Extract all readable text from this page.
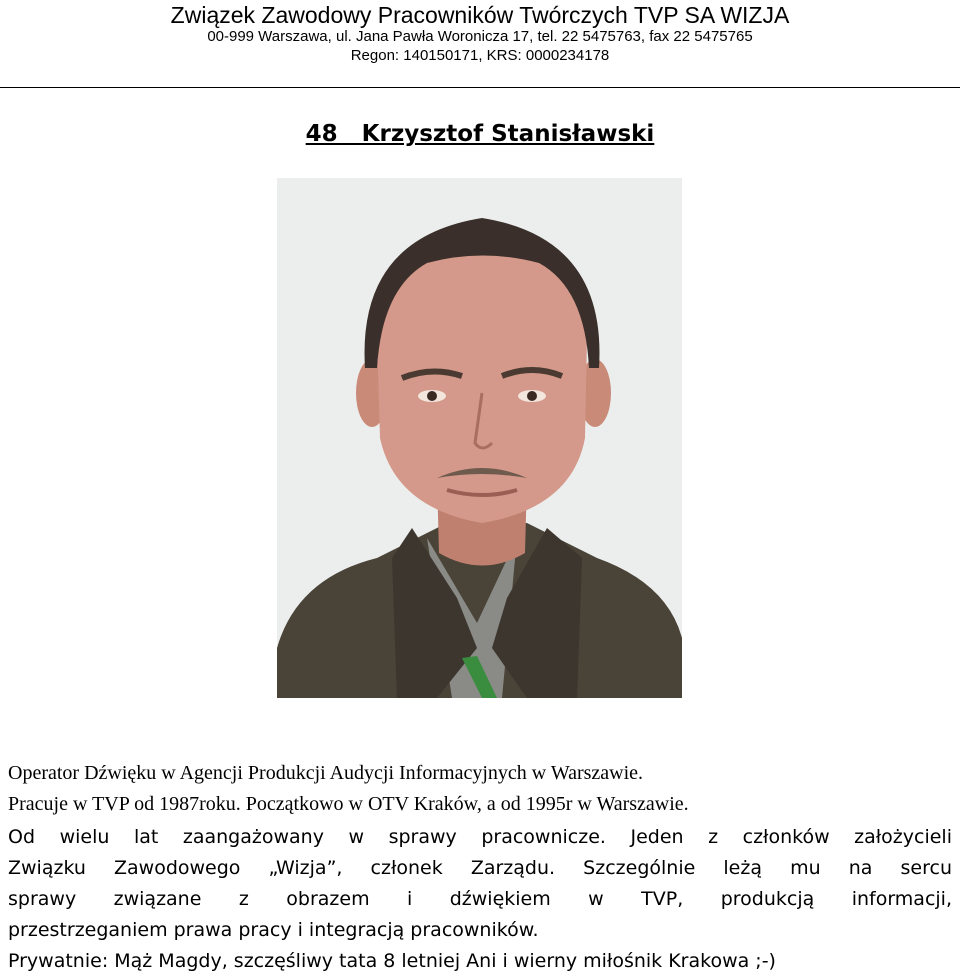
Związek Zawodowy Pracowników Twórczych TVP SA WIZJA
00-999 Warszawa, ul. Jana Pawła Woronicza 17, tel. 22 5475763, fax 22 5475765
Regon: 140150171, KRS: 0000234178
48   Krzysztof Stanisławski
Operator Dźwięku w Agencji Produkcji Audycji Informacyjnych w Warszawie.
Pracuje w TVP od 1987roku. Początkowo w OTV Kraków, a od 1995r w Warszawie.
Od wielu lat zaangażowany w sprawy pracownicze. Jeden z członków założycieli
Związku Zawodowego „Wizja”, członek Zarządu. Szczególnie leżą mu na sercu
sprawy związane z obrazem i dźwiękiem w TVP, produkcją informacji,
przestrzeganiem prawa pracy i integracją pracowników.
Prywatnie: Mąż Magdy, szczęśliwy tata 8 letniej Ani i wierny miłośnik Krakowa ;-)
